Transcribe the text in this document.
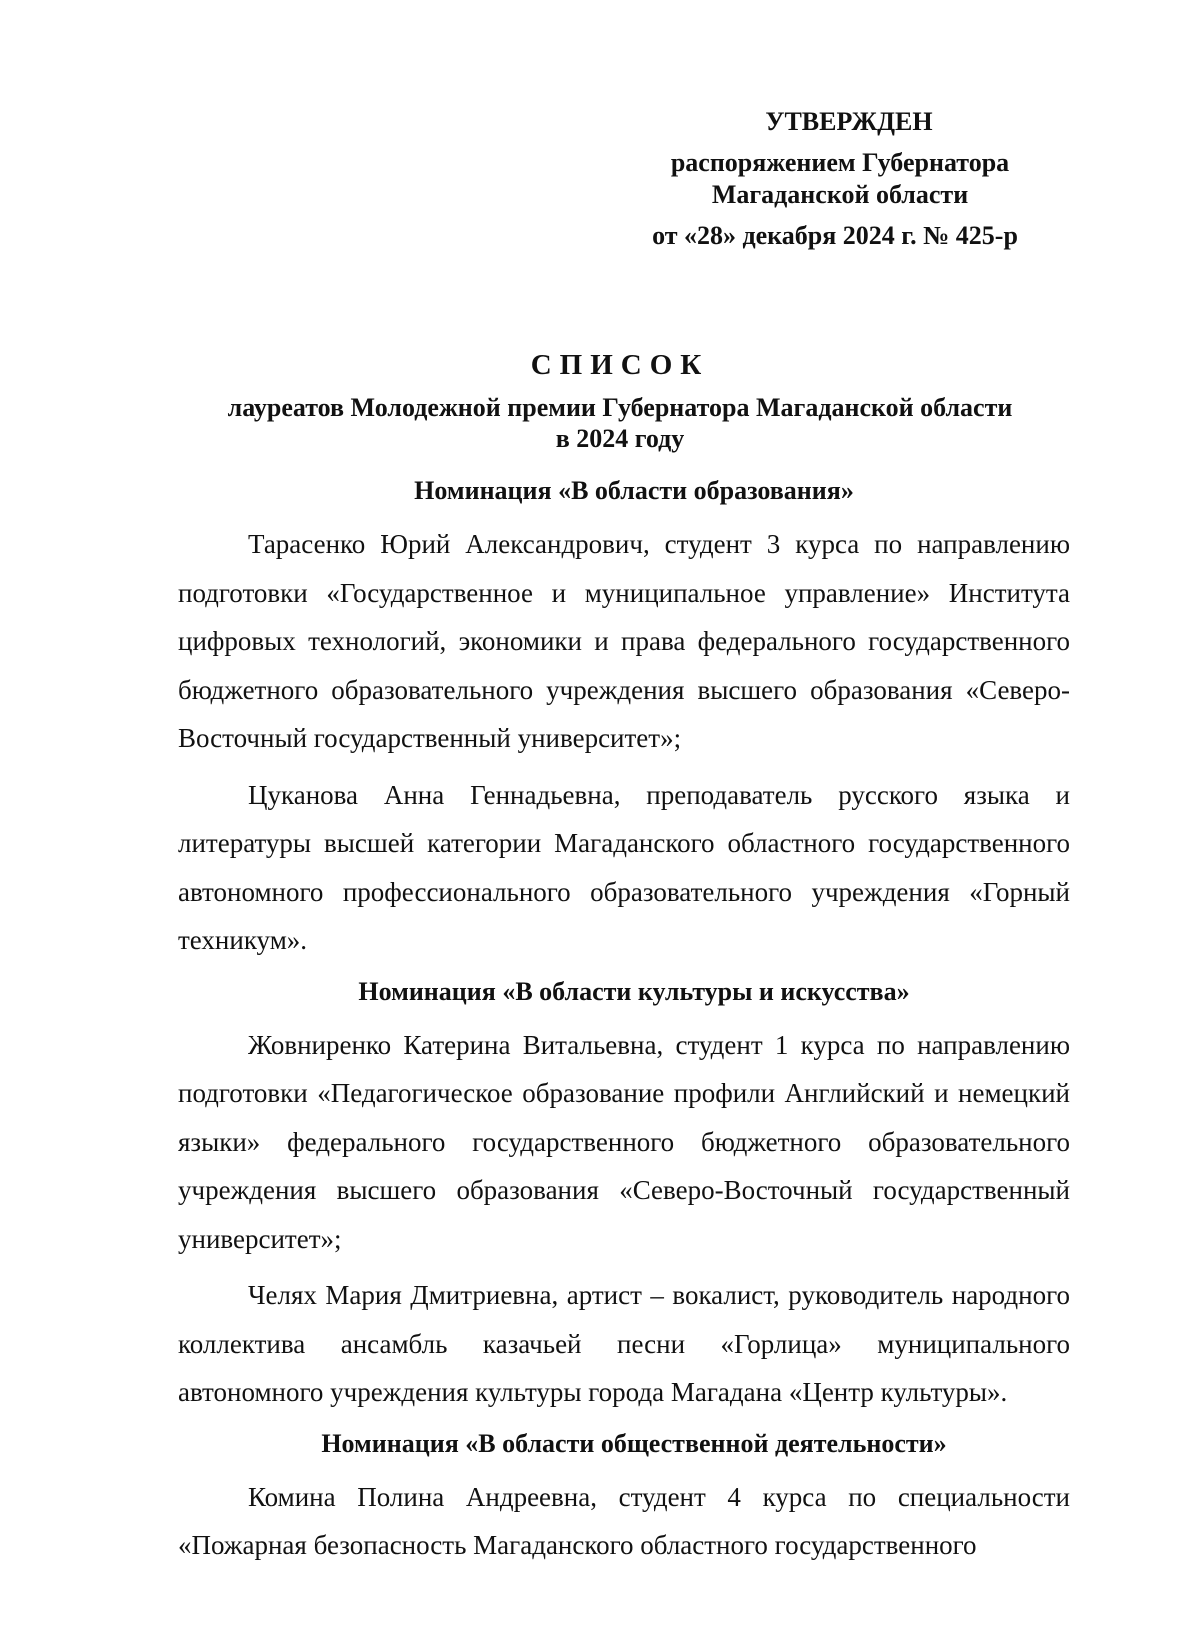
УТВЕРЖДЕН
распоряжением Губернатора
Магаданской области
от «28» декабря 2024 г. № 425-р
СПИСОК
лауреатов Молодежной премии Губернатора Магаданской области
в 2024 году
Номинация «В области образования»

Тарасенко Юрий Александрович, студент 3 курса по направлению подготовки «Государственное и муниципальное управление» Института цифровых технологий, экономики и права федерального государственного бюджетного образовательного учреждения высшего образования «Северо-Восточный государственный университет»;

Цуканова Анна Геннадьевна, преподаватель русского языка и литературы высшей категории Магаданского областного государственного автономного профессионального образовательного учреждения «Горный техникум».

Номинация «В области культуры и искусства»

Жовниренко Катерина Витальевна, студент 1 курса по направлению подготовки «Педагогическое образование профили Английский и немецкий языки» федерального государственного бюджетного образовательного учреждения высшего образования «Северо-Восточный государственный университет»;

Челях Мария Дмитриевна, артист – вокалист, руководитель народного коллектива ансамбль казачьей песни «Горлица» муниципального автономного учреждения культуры города Магадана «Центр культуры».

Номинация «В области общественной деятельности»

Комина Полина Андреевна, студент 4 курса по специальности «Пожарная безопасность Магаданского областного государственного
